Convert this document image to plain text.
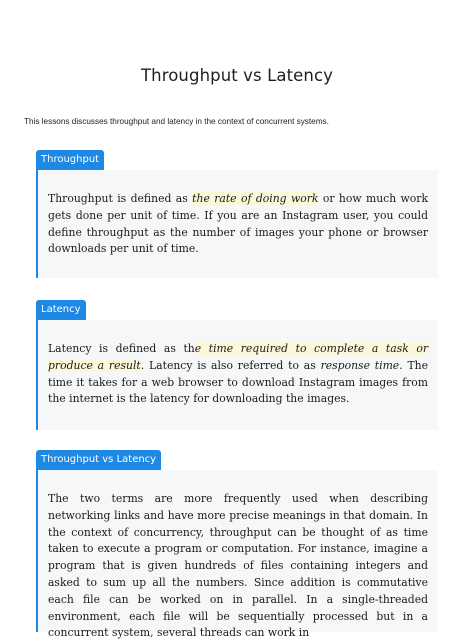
Throughput vs Latency
This lessons discusses throughput and latency in the context of concurrent systems.
Throughput
Throughput is defined as the rate of doing work or how much work gets done per unit of time. If you are an Instagram user, you could define throughput as the number of images your phone or browser downloads per unit of time.
Latency
Latency is defined as the time required to complete a task or produce a result. Latency is also referred to as response time. The time it takes for a web browser to download Instagram images from the internet is the latency for downloading the images.
Throughput vs Latency
The two terms are more frequently used when describing networking links and have more precise meanings in that domain. In the context of concurrency, throughput can be thought of as time taken to execute a program or computation. For instance, imagine a program that is given hundreds of files containing integers and asked to sum up all the numbers. Since addition is commutative each file can be worked on in parallel. In a single-threaded environment, each file will be sequentially processed but in a concurrent system, several threads can work in
